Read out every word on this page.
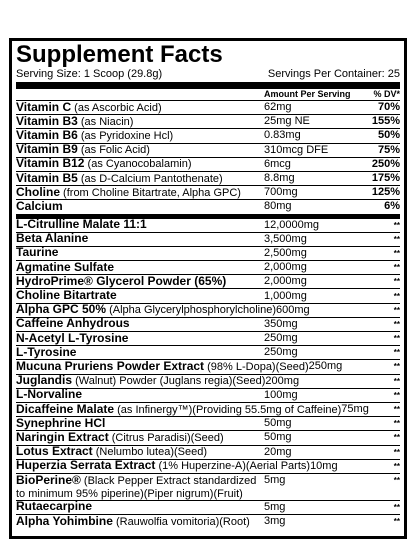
Supplement Facts
Serving Size: 1 Scoop (29.8g)	Servings Per Container: 25
Amount Per Serving	% DV*
Vitamin C (as Ascorbic Acid)	62mg	70%
Vitamin B3 (as Niacin)	25mg NE	155%
Vitamin B6 (as Pyridoxine Hcl)	0.83mg	50%
Vitamin B9 (as Folic Acid)	310mcg DFE	75%
Vitamin B12 (as Cyanocobalamin)	6mcg	250%
Vitamin B5 (as D-Calcium Pantothenate)	8.8mg	175%
Choline (from Choline Bitartrate, Alpha GPC)	700mg	125%
Calcium	80mg	6%
L-Citrulline Malate 11:1	12,0000mg	**
Beta Alanine	3,500mg	**
Taurine	2,500mg	**
Agmatine Sulfate	2,000mg	**
HydroPrime® Glycerol Powder (65%)	2,000mg	**
Choline Bitartrate	1,000mg	**
Alpha GPC 50% (Alpha Glycerylphosphorylcholine) 600mg	**
Caffeine Anhydrous	350mg	**
N-Acetyl L-Tyrosine	250mg	**
L-Tyrosine	250mg	**
Mucuna Pruriens Powder Extract (98% L-Dopa)(Seed) 250mg	**
Juglandis (Walnut) Powder (Juglans regia)(Seed) 200mg	**
L-Norvaline	100mg	**
Dicaffeine Malate (as Infinergy™)(Providing 55.5mg of Caffeine) 75mg	**
Synephrine HCl	50mg	**
Naringin Extract (Citrus Paradisi)(Seed)	50mg	**
Lotus Extract (Nelumbo lutea)(Seed)	20mg	**
Huperzia Serrata Extract (1% Huperzine-A)(Aerial Parts) 10mg	**
BioPerine® (Black Pepper Extract standardized to minimum 95% piperine)(Piper nigrum)(Fruit)
5mg	**
Rutaecarpine	5mg	**
Alpha Yohimbine (Rauwolfia vomitoria)(Root)	3mg	**
